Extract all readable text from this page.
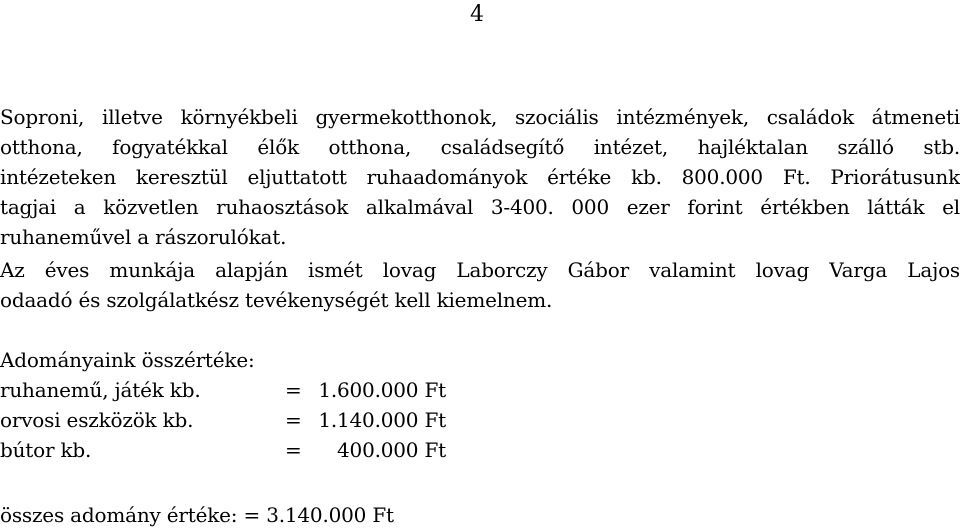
4
Soproni, illetve környékbeli gyermekotthonok, szociális intézmények, családok átmeneti
otthona, fogyatékkal élők otthona, családsegítő intézet, hajléktalan szálló stb.
intézeteken keresztül eljuttatott ruhaadományok értéke kb. 800.000 Ft. Priorátusunk
tagjai a közvetlen ruhaosztások alkalmával 3-400. 000 ezer forint értékben látták el
ruhaneművel a rászorulókat.
Az éves munkája alapján ismét lovag Laborczy Gábor valamint lovag Varga Lajos
odaadó és szolgálatkész tevékenységét kell kiemelnem.
Adományaink összértéke:
ruhanemű, játék kb.	= 1.600.000 Ft
orvosi eszközök kb.	= 1.140.000 Ft
bútor kb.	=	400.000 Ft
összes adomány értéke: = 3.140.000 Ft
